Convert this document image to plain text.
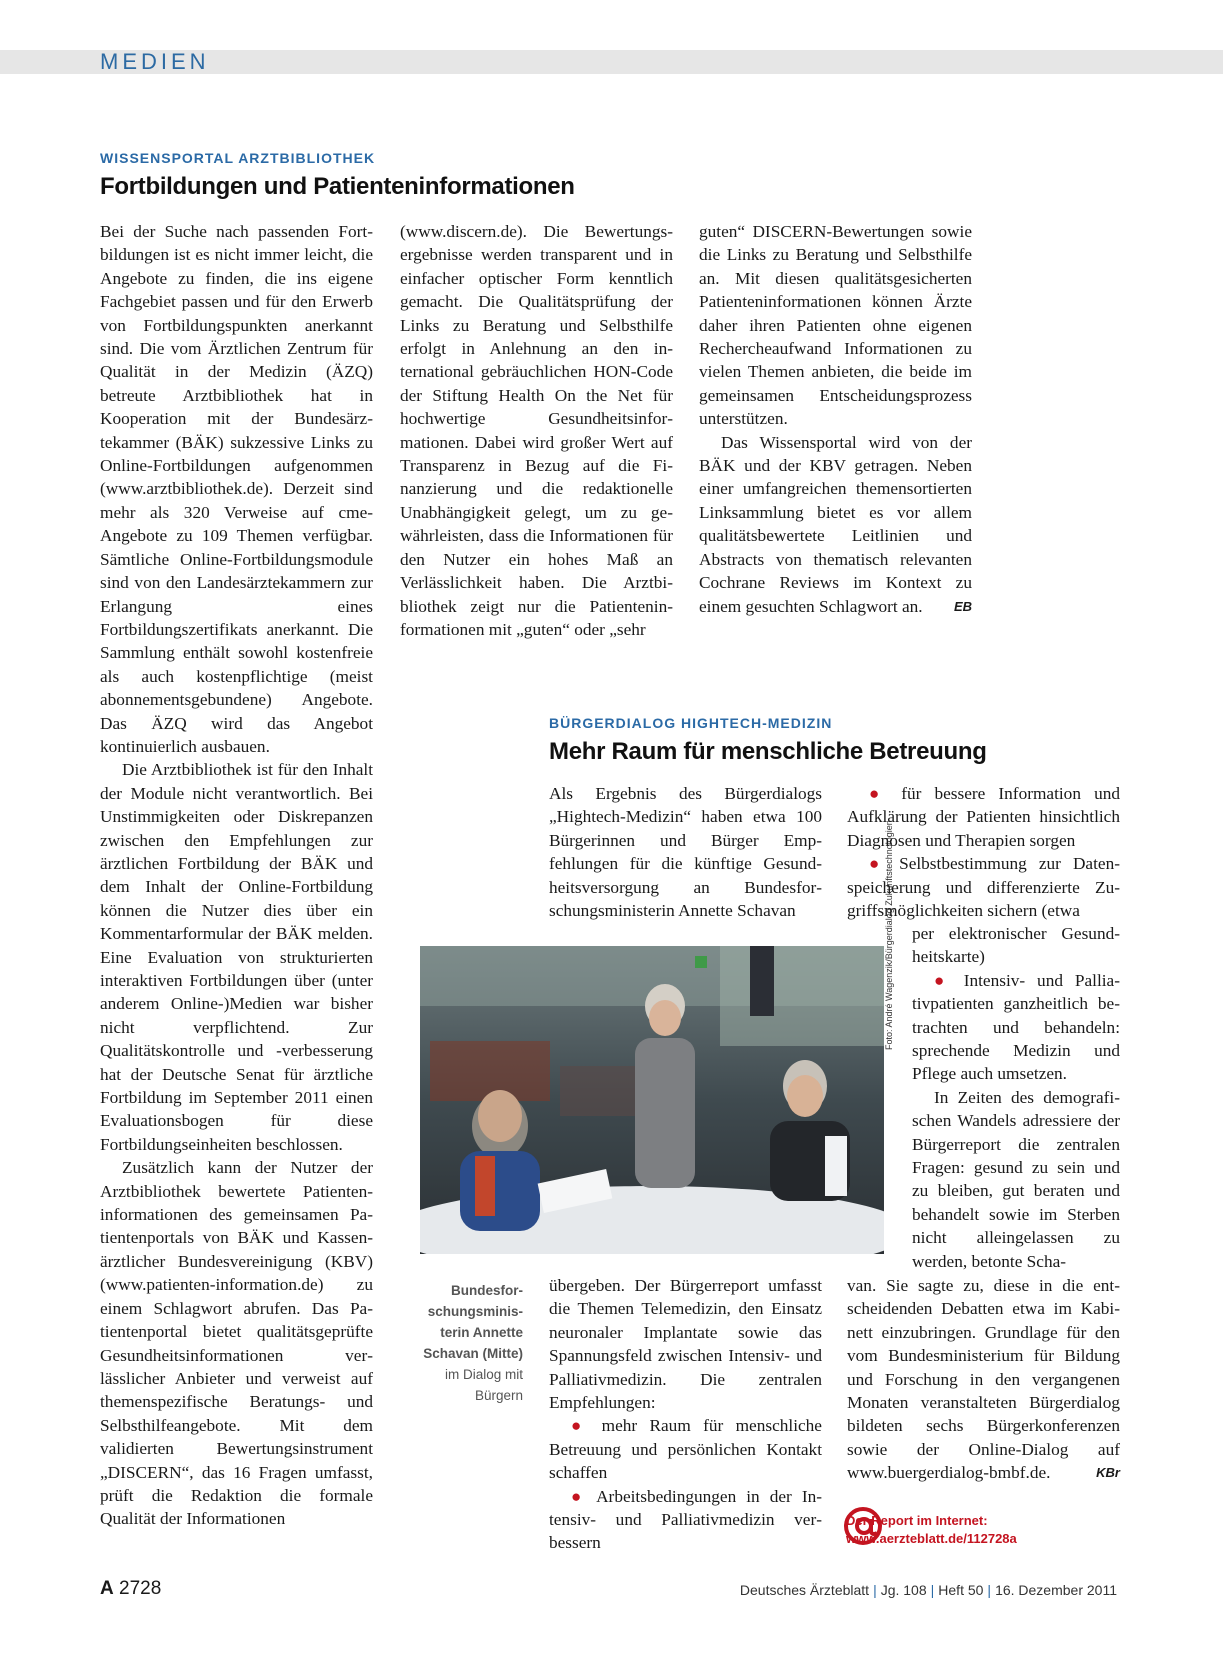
MEDIEN
WISSENSPORTAL ARZTBIBLIOTHEK
Fortbildungen und Patienteninformationen

Bei der Suche nach passenden Fortbildungen ist es nicht immer leicht, die Angebote zu finden, die ins eigene Fachgebiet passen und für den Erwerb von Fortbildungspunkten anerkannt sind. Die vom Ärztlichen Zentrum für Qualität in der Medizin (ÄZQ) betreute Arztbibliothek hat in Kooperation mit der Bundesärztekammer (BÄK) sukzessive Links zu Online-Fortbildungen aufgenommen (www.arztbibliothek.de). Derzeit sind mehr als 320 Verweise auf cme-Angebote zu 109 Themen verfügbar. Sämtliche Online-Fortbildungsmodule sind von den Landesärztekammern zur Erlangung eines Fortbildungszertifikats anerkannt. Die Sammlung enthält sowohl kostenfreie als auch kostenpflichtige (meist abonnementsgebundene) Angebote. Das ÄZQ wird das Angebot kontinuierlich ausbauen.

Die Arztbibliothek ist für den Inhalt der Module nicht verantwortlich. Bei Unstimmigkeiten oder Diskrepanzen zwischen den Empfehlungen zur ärztlichen Fortbildung der BÄK und dem Inhalt der Online-Fortbildung können die Nutzer dies über ein Kommentarformular der BÄK melden. Eine Evaluation von strukturierten interaktiven Fortbildungen über (unter anderem Online-)Medien war bisher nicht verpflichtend. Zur Qualitätskontrolle und -verbesserung hat der Deutsche Senat für ärztliche Fortbildung im September 2011 einen Evaluationsbogen für diese Fortbildungseinheiten beschlossen.

Zusätzlich kann der Nutzer der Arztbibliothek bewertete Patienteninformationen des gemeinsamen Patientenportals von BÄK und Kassenärztlicher Bundesvereinigung (KBV) (www.patienten-information.de) zu einem Schlagwort abrufen. Das Patientenportal bietet qualitätsgeprüfte Gesundheitsinformationen verlässlicher Anbieter und verweist auf themenspezifische Beratungs- und Selbsthilfeangebote. Mit dem validierten Bewertungsinstrument „DISCERN“, das 16 Fragen umfasst, prüft die Redaktion die formale Qualität der Informationen

(www.discern.de). Die Bewertungsergebnisse werden transparent und in einfacher optischer Form kenntlich gemacht. Die Qualitätsprüfung der Links zu Beratung und Selbsthilfe erfolgt in Anlehnung an den international gebräuchlichen HON-Code der Stiftung Health On the Net für hochwertige Gesundheitsinformationen. Dabei wird großer Wert auf Transparenz in Bezug auf die Finanzierung und die redaktionelle Unabhängigkeit gelegt, um zu gewährleisten, dass die Informationen für den Nutzer ein hohes Maß an Verlässlichkeit haben. Die Arztbibliothek zeigt nur die Patienteninformationen mit „guten“ oder „sehr

guten“ DISCERN-Bewertungen sowie die Links zu Beratung und Selbsthilfe an. Mit diesen qualitätsgesicherten Patienteninformationen können Ärzte daher ihren Patienten ohne eigenen Rechercheaufwand Informationen zu vielen Themen anbieten, die beide im gemeinsamen Entscheidungsprozess unterstützen.

Das Wissensportal wird von der BÄK und der KBV getragen. Neben einer umfangreichen themensortierten Linksammlung bietet es vor allem qualitätsbewertete Leitlinien und Abstracts von thematisch relevanten Cochrane Reviews im Kontext zu einem gesuchten Schlagwort an.	EB

BÜRGERDIALOG HIGHTECH-MEDIZIN
Mehr Raum für menschliche Betreuung

Als Ergebnis des Bürgerdialogs „Hightech-Medizin“ haben etwa 100 Bürgerinnen und Bürger Empfehlungen für die künftige Gesundheitsversorgung an Bundesforschungsministerin Annette Schavan	Foto: André Wagenzik/Bürgerdialog Zukunftstechnologien
Bundesforschungsministerin Annette Schavan (Mitte)
im Dialog mit Bürgern

übergeben. Der Bürgerreport umfasst die Themen Telemedizin, den Einsatz neuronaler Implantate sowie das Spannungsfeld zwischen Intensiv- und Palliativmedizin. Die zentralen Empfehlungen:

● mehr Raum für menschliche Betreuung und persönlichen Kontakt schaffen

● Arbeitsbedingungen in der Intensiv- und Palliativmedizin verbessern

● für bessere Information und Aufklärung der Patienten hinsichtlich Diagnosen und Therapien sorgen

● Selbstbestimmung zur Datenspeicherung und differenzierte Zugriffsmöglichkeiten sichern (etwa

per elektronischer Gesundheitskarte)

● Intensiv- und Palliativpatienten ganzheitlich betrachten und behandeln: sprechende Medizin und Pflege auch umsetzen.

In Zeiten des demografischen Wandels adressiere der Bürgerreport die zentralen Fragen: gesund zu sein und zu bleiben, gut beraten und behandelt sowie im Sterben nicht alleingelassen zu werden, betonte Scha-

van. Sie sagte zu, diese in die entscheidenden Debatten etwa im Kabinett einzubringen. Grundlage für den vom Bundesministerium für Bildung und Forschung in den vergangenen Monaten veranstalteten Bürgerdialog bildeten sechs Bürgerkonferenzen sowie der Online-Dialog auf www.buergerdialog-bmbf.de.	KBr

Der Report im Internet:
www.aerzteblatt.de/112728a
A 2728	Deutsches Ärzteblatt | Jg. 108 | Heft 50 | 16. Dezember 2011
